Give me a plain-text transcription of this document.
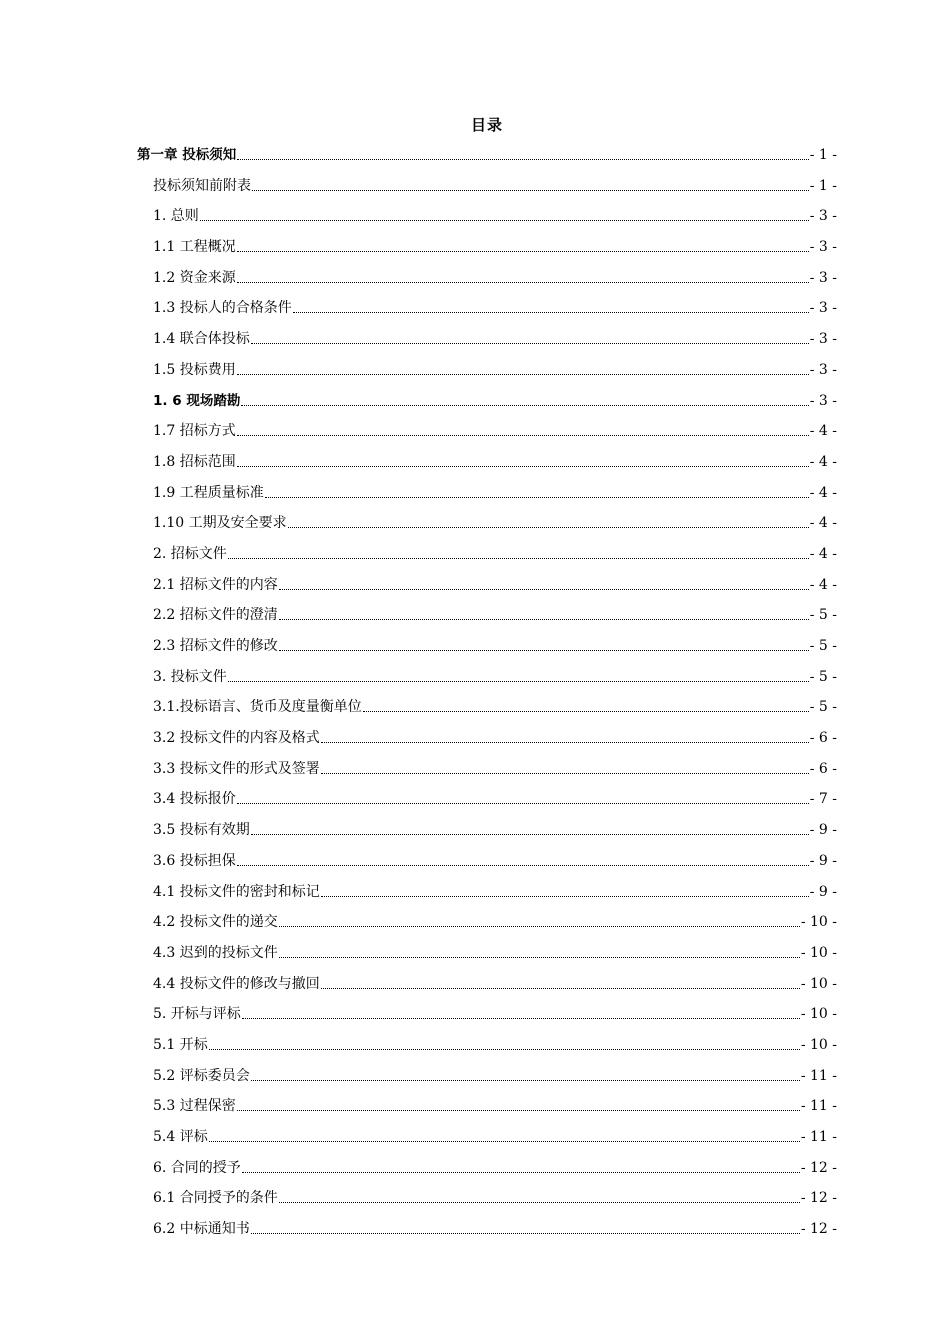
目录
第一章 投标须知	- 1 -
投标须知前附表	- 1 -
1. 总则	- 3 -
1.1 工程概况	- 3 -
1.2 资金来源	- 3 -
1.3 投标人的合格条件	- 3 -
1.4 联合体投标	- 3 -
1.5 投标费用	- 3 -
1. 6 现场踏勘	- 3 -
1.7 招标方式	- 4 -
1.8 招标范围	- 4 -
1.9 工程质量标准	- 4 -
1.10 工期及安全要求	- 4 -
2. 招标文件	- 4 -
2.1 招标文件的内容	- 4 -
2.2 招标文件的澄清	- 5 -
2.3 招标文件的修改	- 5 -
3. 投标文件	- 5 -
3.1.投标语言、货币及度量衡单位	- 5 -
3.2 投标文件的内容及格式	- 6 -
3.3 投标文件的形式及签署	- 6 -
3.4 投标报价	- 7 -
3.5 投标有效期	- 9 -
3.6 投标担保	- 9 -
4.1 投标文件的密封和标记	- 9 -
4.2 投标文件的递交	- 10 -
4.3 迟到的投标文件	- 10 -
4.4 投标文件的修改与撤回	- 10 -
5. 开标与评标	- 10 -
5.1 开标	- 10 -
5.2 评标委员会	- 11 -
5.3 过程保密	- 11 -
5.4 评标	- 11 -
6. 合同的授予	- 12 -
6.1 合同授予的条件	- 12 -
6.2 中标通知书	- 12 -
